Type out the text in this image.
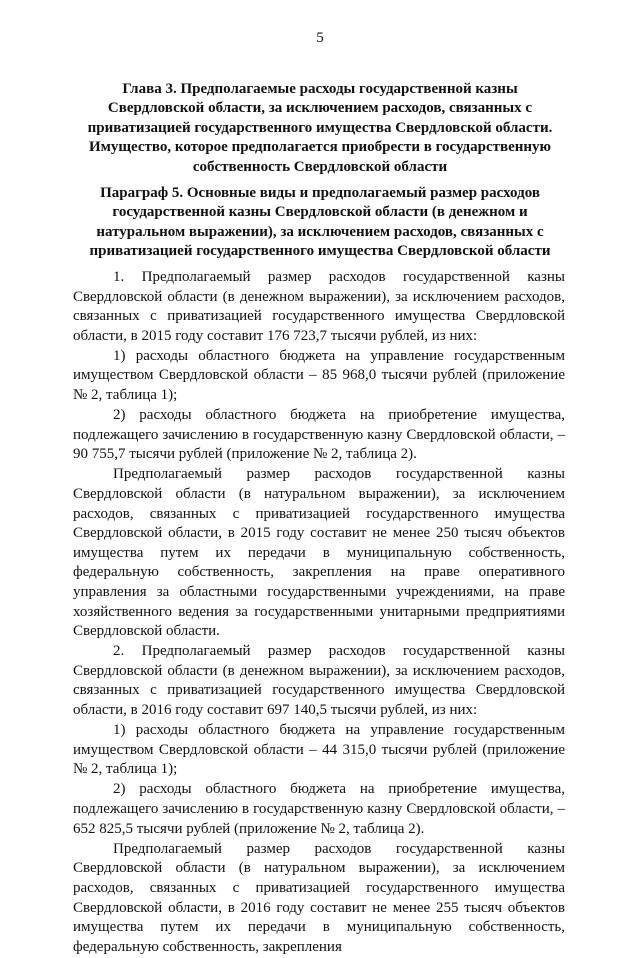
5
Глава 3. Предполагаемые расходы государственной казны Свердловской области, за исключением расходов, связанных с приватизацией государственного имущества Свердловской области. Имущество, которое предполагается приобрести в государственную собственность Свердловской области
Параграф 5. Основные виды и предполагаемый размер расходов государственной казны Свердловской области (в денежном и натуральном выражении), за исключением расходов, связанных с приватизацией государственного имущества Свердловской области

1. Предполагаемый размер расходов государственной казны Свердловской области (в денежном выражении), за исключением расходов, связанных с приватизацией государственного имущества Свердловской области, в 2015 году составит 176 723,7 тысячи рублей, из них:

1) расходы областного бюджета на управление государственным имуществом Свердловской области – 85 968,0 тысячи рублей (приложение № 2, таблица 1);

2) расходы областного бюджета на приобретение имущества, подлежащего зачислению в государственную казну Свердловской области, – 90 755,7 тысячи рублей (приложение № 2, таблица 2).

Предполагаемый размер расходов государственной казны Свердловской области (в натуральном выражении), за исключением расходов, связанных с приватизацией государственного имущества Свердловской области, в 2015 году составит не менее 250 тысяч объектов имущества путем их передачи в муниципальную собственность, федеральную собственность, закрепления на праве оперативного управления за областными государственными учреждениями, на праве хозяйственного ведения за государственными унитарными предприятиями Свердловской области.

2. Предполагаемый размер расходов государственной казны Свердловской области (в денежном выражении), за исключением расходов, связанных с приватизацией государственного имущества Свердловской области, в 2016 году составит 697 140,5 тысячи рублей, из них:

1) расходы областного бюджета на управление государственным имуществом Свердловской области – 44 315,0 тысячи рублей (приложение № 2, таблица 1);

2) расходы областного бюджета на приобретение имущества, подлежащего зачислению в государственную казну Свердловской области, – 652 825,5 тысячи рублей (приложение № 2, таблица 2).

Предполагаемый размер расходов государственной казны Свердловской области (в натуральном выражении), за исключением расходов, связанных с приватизацией государственного имущества Свердловской области, в 2016 году составит не менее 255 тысяч объектов имущества путем их передачи в муниципальную собственность, федеральную собственность, закрепления
